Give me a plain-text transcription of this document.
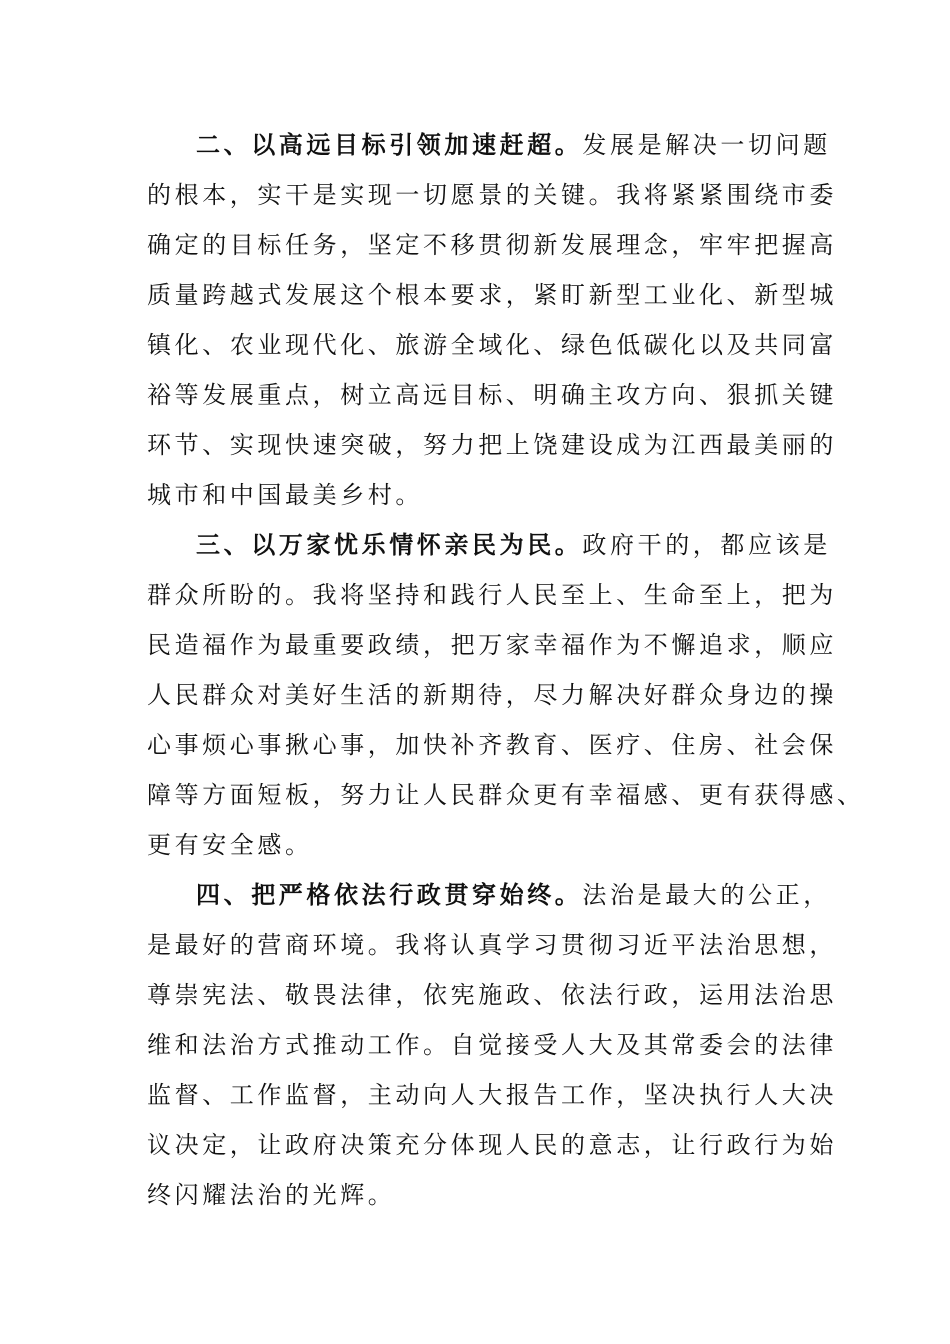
二、以高远目标引领加速赶超。发展是解决一切问题
的根本，实干是实现一切愿景的关键。我将紧紧围绕市委
确定的目标任务，坚定不移贯彻新发展理念，牢牢把握高
质量跨越式发展这个根本要求，紧盯新型工业化、新型城
镇化、农业现代化、旅游全域化、绿色低碳化以及共同富
裕等发展重点，树立高远目标、明确主攻方向、狠抓关键
环节、实现快速突破，努力把上饶建设成为江西最美丽的
城市和中国最美乡村。
三、以万家忧乐情怀亲民为民。政府干的，都应该是
群众所盼的。我将坚持和践行人民至上、生命至上，把为
民造福作为最重要政绩，把万家幸福作为不懈追求，顺应
人民群众对美好生活的新期待，尽力解决好群众身边的操
心事烦心事揪心事，加快补齐教育、医疗、住房、社会保
障等方面短板，努力让人民群众更有幸福感、更有获得感、
更有安全感。
四、把严格依法行政贯穿始终。法治是最大的公正，
是最好的营商环境。我将认真学习贯彻习近平法治思想，
尊崇宪法、敬畏法律，依宪施政、依法行政，运用法治思
维和法治方式推动工作。自觉接受人大及其常委会的法律
监督、工作监督，主动向人大报告工作，坚决执行人大决
议决定，让政府决策充分体现人民的意志，让行政行为始
终闪耀法治的光辉。
